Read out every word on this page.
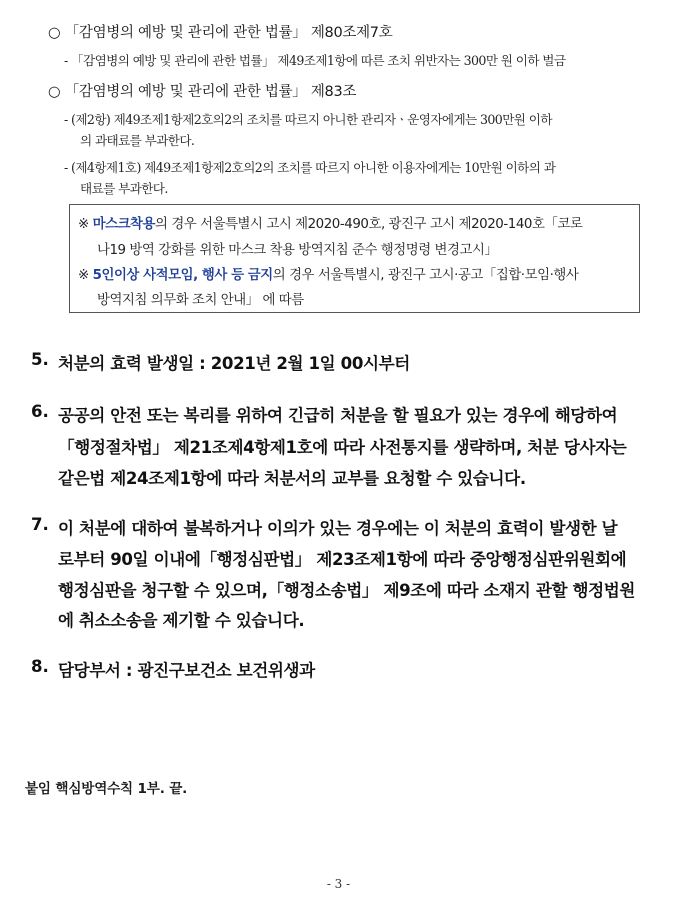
○ 「감염병의 예방 및 관리에 관한 법률」 제80조제7호
- 「감염병의 예방 및 관리에 관한 법률」 제49조제1항에 따른 조치 위반자는 300만 원 이하 벌금
○ 「감염병의 예방 및 관리에 관한 법률」 제83조
- (제2항) 제49조제1항제2호의2의 조치를 따르지 아니한 관리자ㆍ운영자에게는 300만원 이하
의 과태료를 부과한다.
- (제4항제1호) 제49조제1항제2호의2의 조치를 따르지 아니한 이용자에게는 10만원 이하의 과
태료를 부과한다.
※ 마스크착용의 경우 서울특별시 고시 제2020-490호, 광진구 고시 제2020-140호「코로
나19 방역 강화를 위한 마스크 착용 방역지침 준수 행정명령 변경고시」
※ 5인이상 사적모임, 행사 등 금지의 경우 서울특별시, 광진구 고시·공고「집합·모임·행사
방역지침 의무화 조치 안내」 에 따름
5. 처분의 효력 발생일 : 2021년 2월 1일 00시부터
6. 공공의 안전 또는 복리를 위하여 긴급히 처분을 할 필요가 있는 경우에 해당하여
「행정절차법」 제21조제4항제1호에 따라 사전통지를 생략하며, 처분 당사자는
같은법 제24조제1항에 따라 처분서의 교부를 요청할 수 있습니다.
7. 이 처분에 대하여 불복하거나 이의가 있는 경우에는 이 처분의 효력이 발생한 날
로부터 90일 이내에「행정심판법」 제23조제1항에 따라 중앙행정심판위원회에
행정심판을 청구할 수 있으며,「행정소송법」 제9조에 따라 소재지 관할 행정법원
에 취소소송을 제기할 수 있습니다.
8. 담당부서 : 광진구보건소 보건위생과
붙임 핵심방역수칙 1부. 끝.
- 3 -
